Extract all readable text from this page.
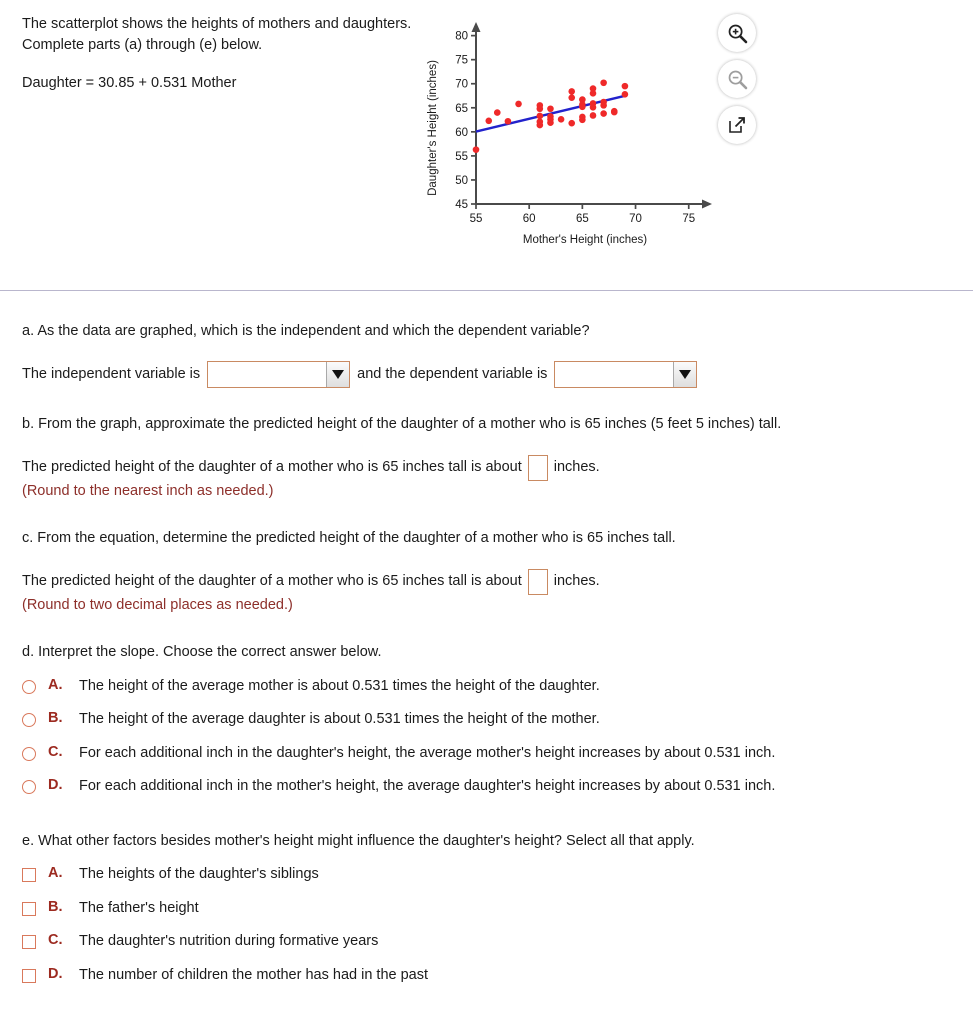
The scatterplot shows the heights of mothers and daughters. Complete parts (a) through (e) below.
Daughter = 30.85 + 0.531 Mother
45
50
55
60
65
70
75
80
55	60	65	70	75
Mother's Height (inches)
Daughter's Height (inches)
a. As the data are graphed, which is the independent and which the dependent variable?
The independent variable is	and the dependent variable is
b. From the graph, approximate the predicted height of the daughter of a mother who is 65 inches (5 feet 5 inches) tall.
The predicted height of the daughter of a mother who is 65 inches tall is about inches.
(Round to the nearest inch as needed.)
c. From the equation, determine the predicted height of the daughter of a mother who is 65 inches tall.
The predicted height of the daughter of a mother who is 65 inches tall is about inches.
(Round to two decimal places as needed.)
d. Interpret the slope. Choose the correct answer below.
A.	The height of the average mother is about 0.531 times the height of the daughter.
B.	The height of the average daughter is about 0.531 times the height of the mother.
C.	For each additional inch in the daughter's height, the average mother's height increases by about 0.531 inch.
D.	For each additional inch in the mother's height, the average daughter's height increases by about 0.531 inch.
e. What other factors besides mother's height might influence the daughter's height? Select all that apply.
A.	The heights of the daughter's siblings
B.	The father's height
C.	The daughter's nutrition during formative years
D.	The number of children the mother has had in the past
